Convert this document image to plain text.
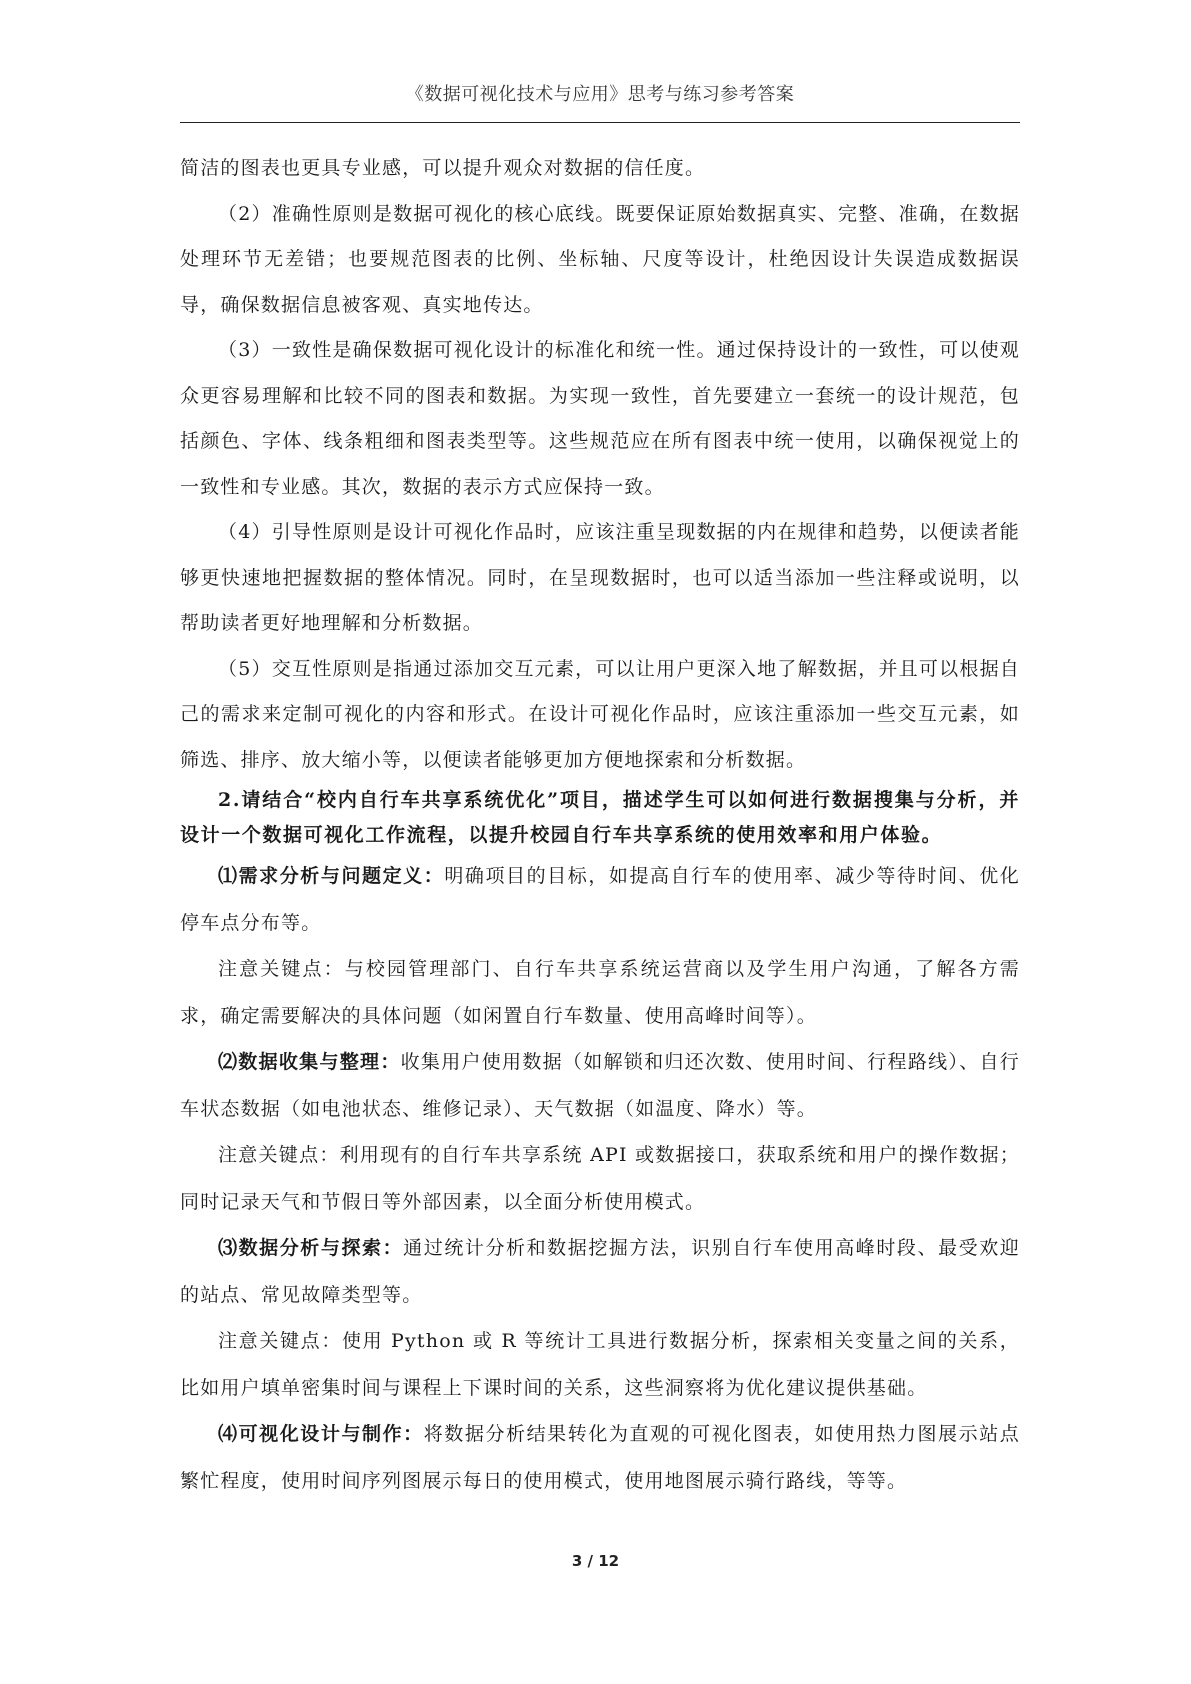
《数据可视化技术与应用》思考与练习参考答案

简洁的图表也更具专业感，可以提升观众对数据的信任度。

（2）准确性原则是数据可视化的核心底线。既要保证原始数据真实、完整、准确，在数据处理环节无差错；也要规范图表的比例、坐标轴、尺度等设计，杜绝因设计失误造成数据误导，确保数据信息被客观、真实地传达。

（3）一致性是确保数据可视化设计的标准化和统一性。通过保持设计的一致性，可以使观众更容易理解和比较不同的图表和数据。为实现一致性，首先要建立一套统一的设计规范，包括颜色、字体、线条粗细和图表类型等。这些规范应在所有图表中统一使用，以确保视觉上的一致性和专业感。其次，数据的表示方式应保持一致。

（4）引导性原则是设计可视化作品时，应该注重呈现数据的内在规律和趋势，以便读者能够更快速地把握数据的整体情况。同时，在呈现数据时，也可以适当添加一些注释或说明，以帮助读者更好地理解和分析数据。

（5）交互性原则是指通过添加交互元素，可以让用户更深入地了解数据，并且可以根据自己的需求来定制可视化的内容和形式。在设计可视化作品时，应该注重添加一些交互元素，如筛选、排序、放大缩小等，以便读者能够更加方便地探索和分析数据。

2.请结合“校内自行车共享系统优化”项目，描述学生可以如何进行数据搜集与分析，并设计一个数据可视化工作流程，以提升校园自行车共享系统的使用效率和用户体验。

⑴需求分析与问题定义：明确项目的目标，如提高自行车的使用率、减少等待时间、优化停车点分布等。

注意关键点：与校园管理部门、自行车共享系统运营商以及学生用户沟通，了解各方需求，确定需要解决的具体问题（如闲置自行车数量、使用高峰时间等）。

⑵数据收集与整理：收集用户使用数据（如解锁和归还次数、使用时间、行程路线）、自行车状态数据（如电池状态、维修记录）、天气数据（如温度、降水）等。

注意关键点：利用现有的自行车共享系统 API 或数据接口，获取系统和用户的操作数据；同时记录天气和节假日等外部因素，以全面分析使用模式。

⑶数据分析与探索：通过统计分析和数据挖掘方法，识别自行车使用高峰时段、最受欢迎的站点、常见故障类型等。

注意关键点：使用 Python 或 R 等统计工具进行数据分析，探索相关变量之间的关系，比如用户填单密集时间与课程上下课时间的关系，这些洞察将为优化建议提供基础。

⑷可视化设计与制作：将数据分析结果转化为直观的可视化图表，如使用热力图展示站点繁忙程度，使用时间序列图展示每日的使用模式，使用地图展示骑行路线，等等。

3 / 12
